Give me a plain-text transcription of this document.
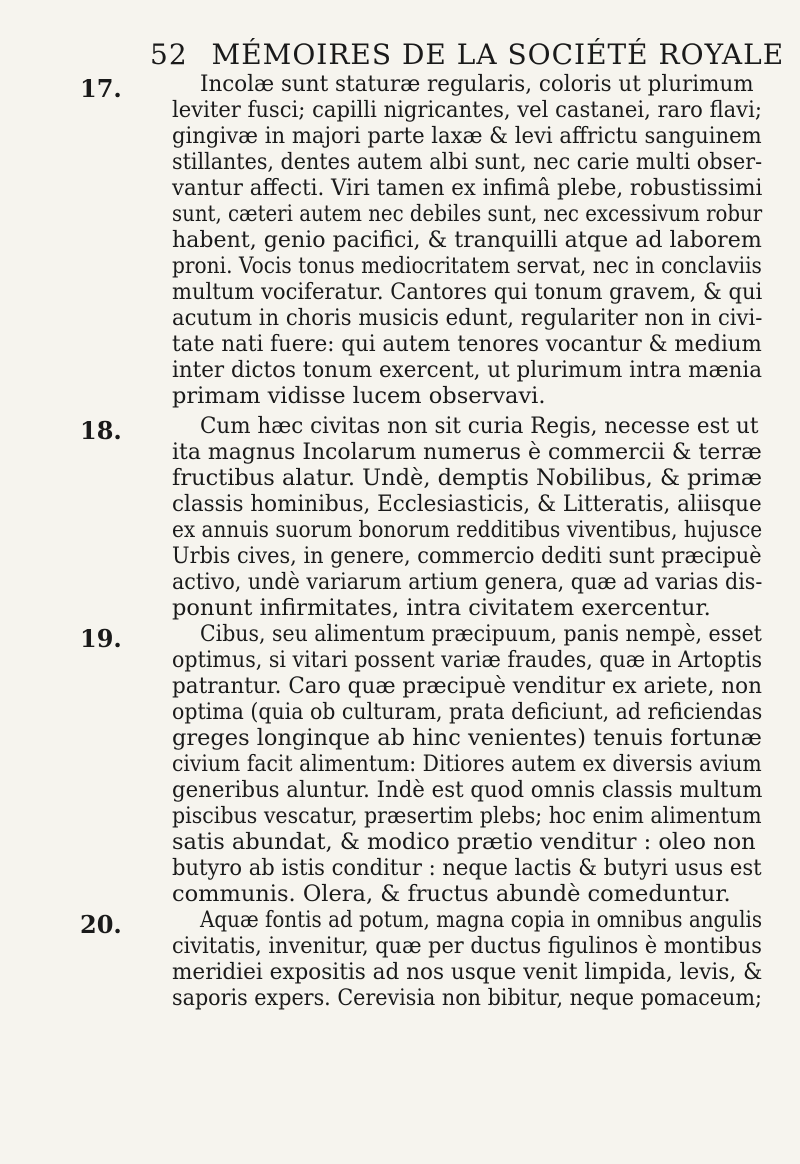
52 MÉMOIRES DE LA SOCIÉTÉ ROYALE
17.	Incolæ sunt staturæ regularis, coloris ut plurimum
leviter fusci; capilli nigricantes, vel castanei, raro flavi;
gingivæ in majori parte laxæ & levi affrictu sanguinem
stillantes, dentes autem albi sunt, nec carie multi obser-
vantur affecti. Viri tamen ex infimâ plebe, robustissimi
sunt, cæteri autem nec debiles sunt, nec excessivum robur
habent, genio pacifici, & tranquilli atque ad laborem
proni. Vocis tonus mediocritatem servat, nec in conclaviis
multum vociferatur. Cantores qui tonum gravem, & qui
acutum in choris musicis edunt, regulariter non in civi-
tate nati fuere: qui autem tenores vocantur & medium
inter dictos tonum exercent, ut plurimum intra mænia
primam vidisse lucem observavi.
18.	Cum hæc civitas non sit curia Regis, necesse est ut
ita magnus Incolarum numerus è commercii & terræ
fructibus alatur. Undè, demptis Nobilibus, & primæ
classis hominibus, Ecclesiasticis, & Litteratis, aliisque
ex annuis suorum bonorum redditibus viventibus, hujusce
Urbis cives, in genere, commercio dediti sunt præcipuè
activo, undè variarum artium genera, quæ ad varias dis-
ponunt infirmitates, intra civitatem exercentur.
19.	Cibus, seu alimentum præcipuum, panis nempè, esset
optimus, si vitari possent variæ fraudes, quæ in Artoptis
patrantur. Caro quæ præcipuè venditur ex ariete, non
optima (quia ob culturam, prata deficiunt, ad reficiendas
greges longinque ab hinc venientes) tenuis fortunæ
civium facit alimentum: Ditiores autem ex diversis avium
generibus aluntur. Indè est quod omnis classis multum
piscibus vescatur, præsertim plebs; hoc enim alimentum
satis abundat, & modico prætio venditur : oleo non
butyro ab istis conditur : neque lactis & butyri usus est
communis. Olera, & fructus abundè comeduntur.
20.	Aquæ fontis ad potum, magna copia in omnibus angulis
civitatis, invenitur, quæ per ductus figulinos è montibus
meridiei expositis ad nos usque venit limpida, levis, &
saporis expers. Cerevisia non bibitur, neque pomaceum;
